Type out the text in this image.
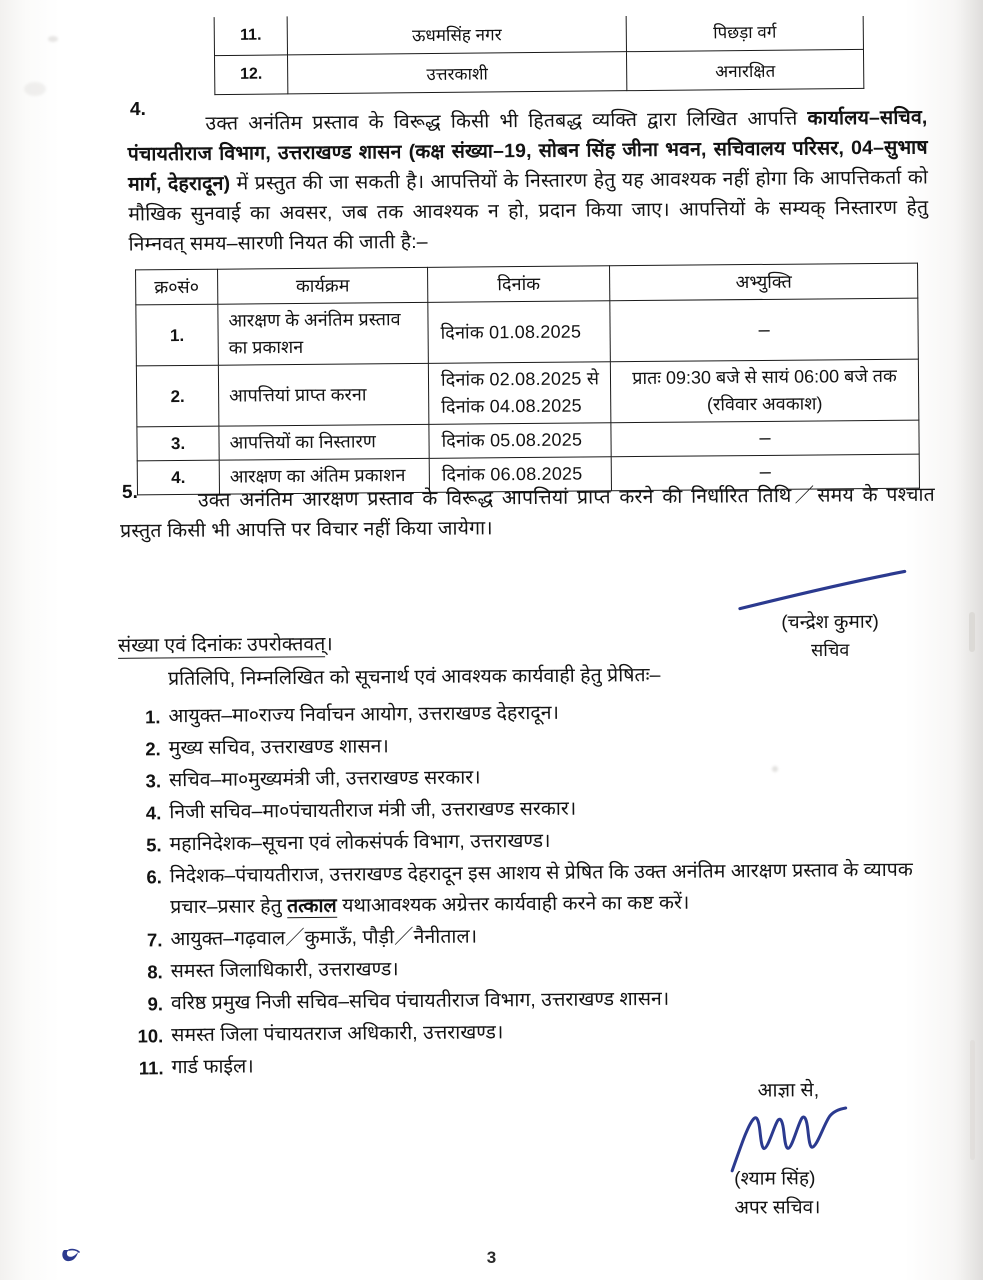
11.	ऊधमसिंह नगर	पिछड़ा वर्ग
12.	उत्तरकाशी	अनारक्षित
4.	उक्त अनंतिम प्रस्ताव के विरूद्ध किसी भी हितबद्ध व्यक्ति द्वारा लिखित आपत्ति कार्यालय–सचिव, पंचायतीराज विभाग, उत्तराखण्ड शासन (कक्ष संख्या–19, सोबन सिंह जीना भवन, सचिवालय परिसर, 04–सुभाष मार्ग, देहरादून) में प्रस्तुत की जा सकती है। आपत्तियों के निस्तारण हेतु यह आवश्यक नहीं होगा कि आपत्तिकर्ता को मौखिक सुनवाई का अवसर, जब तक आवश्यक न हो, प्रदान किया जाए। आपत्तियों के सम्यक् निस्तारण हेतु निम्नवत् समय–सारणी नियत की जाती है:–
क्र०सं०	कार्यक्रम	दिनांक	अभ्युक्ति
1.	आरक्षण के अनंतिम प्रस्ताव का प्रकाशन	दिनांक 01.08.2025	–
2.	आपत्तियां प्राप्त करना	दिनांक 02.08.2025 से दिनांक 04.08.2025	प्रातः 09:30 बजे से सायं 06:00 बजे तक (रविवार अवकाश)
3.	आपत्तियों का निस्तारण	दिनांक 05.08.2025	–
4.	आरक्षण का अंतिम प्रकाशन	दिनांक 06.08.2025	–
5.	उक्त अनंतिम आरक्षण प्रस्ताव के विरूद्ध आपत्तियां प्राप्त करने की निर्धारित तिथि／समय के पश्चात प्रस्तुत किसी भी आपत्ति पर विचार नहीं किया जायेगा।
(चन्द्रेश कुमार)
सचिव
संख्या एवं दिनांकः उपरोक्तवत्।
प्रतिलिपि, निम्नलिखित को सूचनार्थ एवं आवश्यक कार्यवाही हेतु प्रेषितः–
1. आयुक्त–मा०राज्य निर्वाचन आयोग, उत्तराखण्ड देहरादून।
2. मुख्य सचिव, उत्तराखण्ड शासन।
3. सचिव–मा०मुख्यमंत्री जी, उत्तराखण्ड सरकार।
4. निजी सचिव–मा०पंचायतीराज मंत्री जी, उत्तराखण्ड सरकार।
5. महानिदेशक–सूचना एवं लोकसंपर्क विभाग, उत्तराखण्ड।
6. निदेशक–पंचायतीराज, उत्तराखण्ड देहरादून इस आशय से प्रेषित कि उक्त अनंतिम आरक्षण प्रस्ताव के व्यापक प्रचार–प्रसार हेतु तत्काल यथाआवश्यक अग्रेत्तर कार्यवाही करने का कष्ट करें।
7. आयुक्त–गढ़वाल／कुमाऊँ, पौड़ी／नैनीताल।
8. समस्त जिलाधिकारी, उत्तराखण्ड।
9. वरिष्ठ प्रमुख निजी सचिव–सचिव पंचायतीराज विभाग, उत्तराखण्ड शासन।
10. समस्त जिला पंचायतराज अधिकारी, उत्तराखण्ड।
11. गार्ड फाईल।
आज्ञा से,
(श्याम सिंह)
अपर सचिव।
3
